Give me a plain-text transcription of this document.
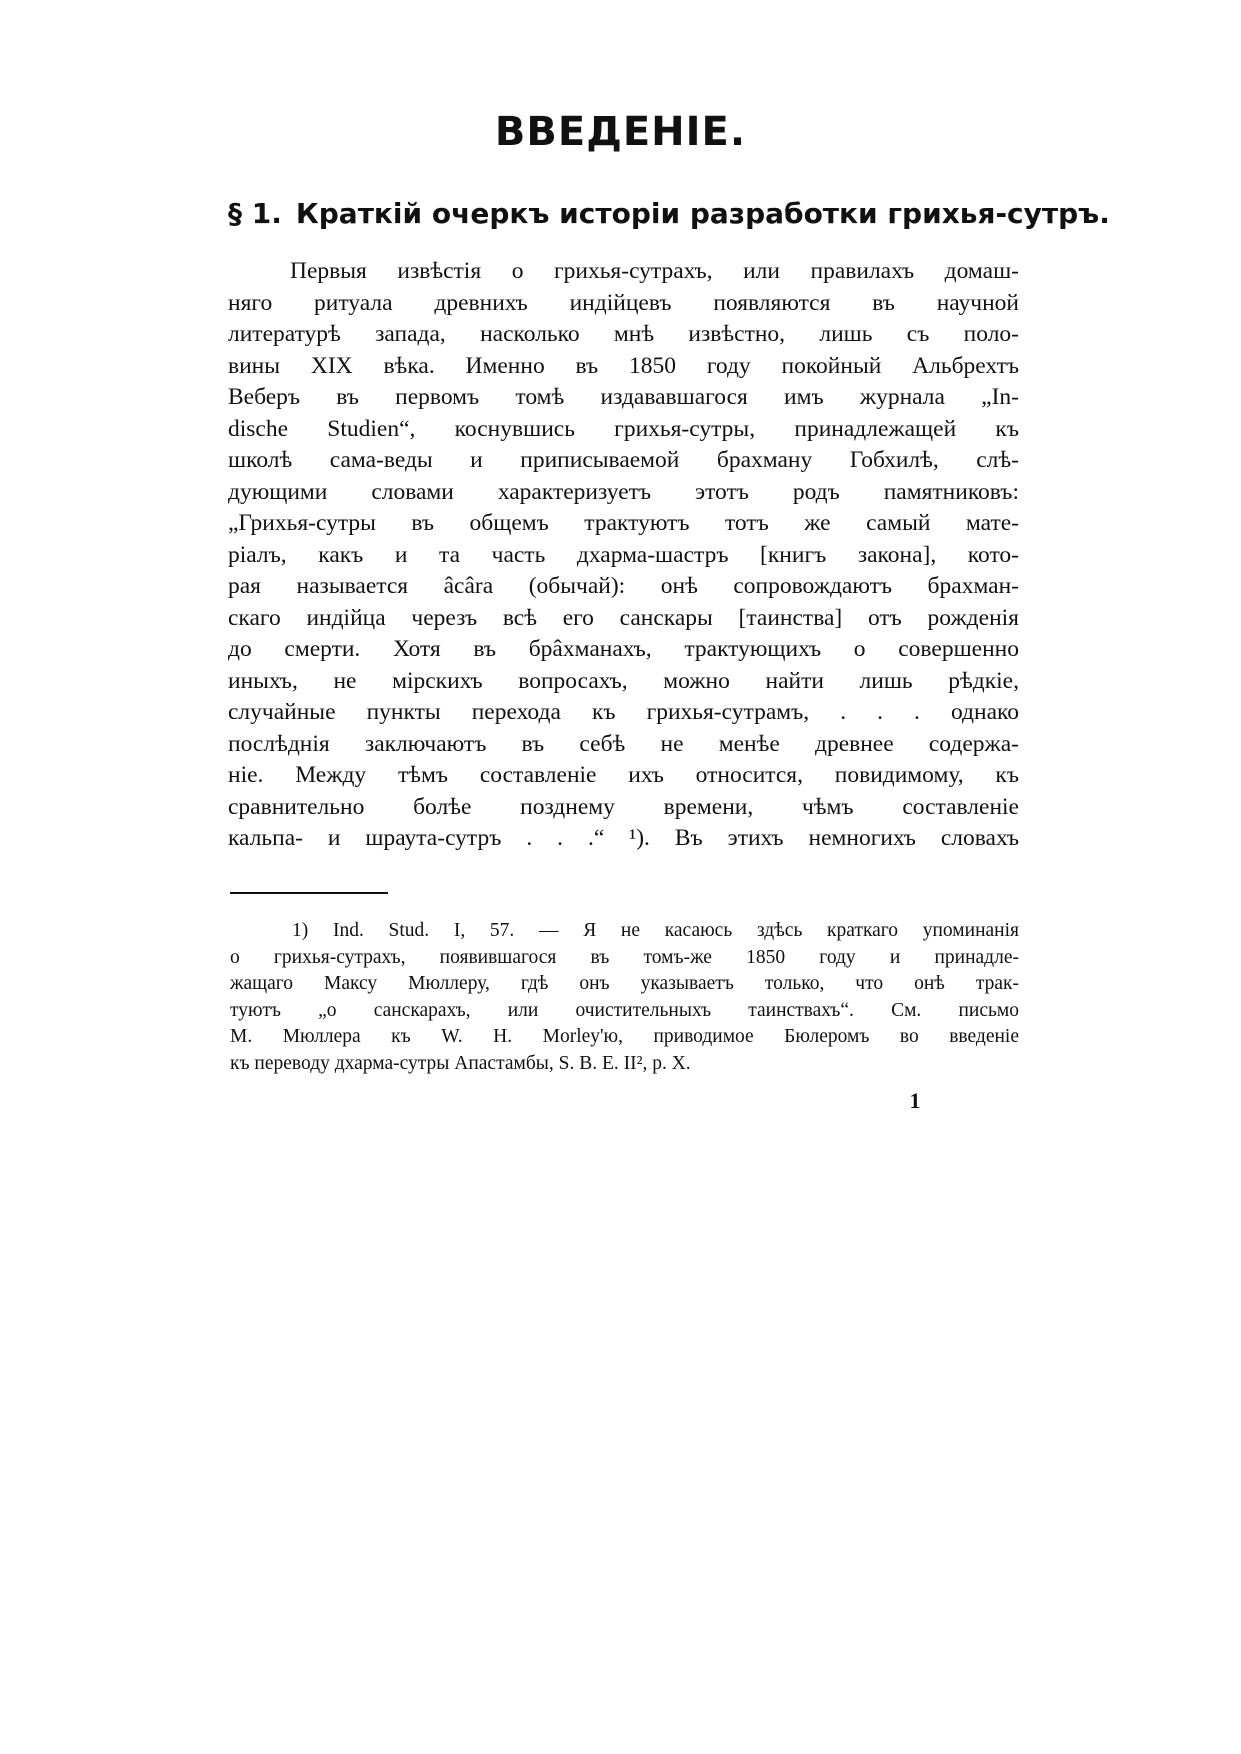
ВВЕДЕНІЕ.
§ 1. Краткій очеркъ исторіи разработки грихья-сутръ.
Первыя извѣстія о грихья-сутрахъ, или правилахъ домаш-
няго ритуала древнихъ индійцевъ появляются въ научной
литературѣ запада, насколько мнѣ извѣстно, лишь съ поло-
вины XIX вѣка. Именно въ 1850 году покойный Альбрехтъ
Веберъ въ первомъ томѣ издававшагося имъ журнала „In-
dische Studien“, коснувшись грихья-сутры, принадлежащей къ
школѣ сама-веды и приписываемой брахману Гобхилѣ, слѣ-
дующими словами характеризуетъ этотъ родъ памятниковъ:
„Грихья-сутры въ общемъ трактуютъ тотъ же самый мате-
ріалъ, какъ и та часть дхарма-шастръ [книгъ закона], кото-
рая называется âcâra (обычай): онѣ сопровождаютъ брахман-
скаго индійца черезъ всѣ его санскары [таинства] отъ рожденія
до смерти. Хотя въ брâхманахъ, трактующихъ о совершенно
иныхъ, не мірскихъ вопросахъ, можно найти лишь рѣдкіе,
случайные пункты перехода къ грихья-сутрамъ, . . . однако
послѣднія заключаютъ въ себѣ не менѣе древнее содержа-
ніе. Между тѣмъ составленіе ихъ относится, повидимому, къ
сравнительно болѣе позднему времени, чѣмъ составленіе
кальпа- и шраута-сутръ . . .“ ¹). Въ этихъ немногихъ словахъ
1) Ind. Stud. I, 57. — Я не касаюсь здѣсь краткаго упоминанія
о грихья-сутрахъ, появившагося въ томъ-же 1850 году и принадле-
жащаго Максу Мюллеру, гдѣ онъ указываетъ только, что онѣ трак-
туютъ „о санскарахъ, или очистительныхъ таинствахъ“. См. письмо
М. Мюллера къ W. H. Morley'ю, приводимое Бюлеромъ во введеніе
къ переводу дхарма-сутры Апастамбы, S. B. E. II², p. X.
1
